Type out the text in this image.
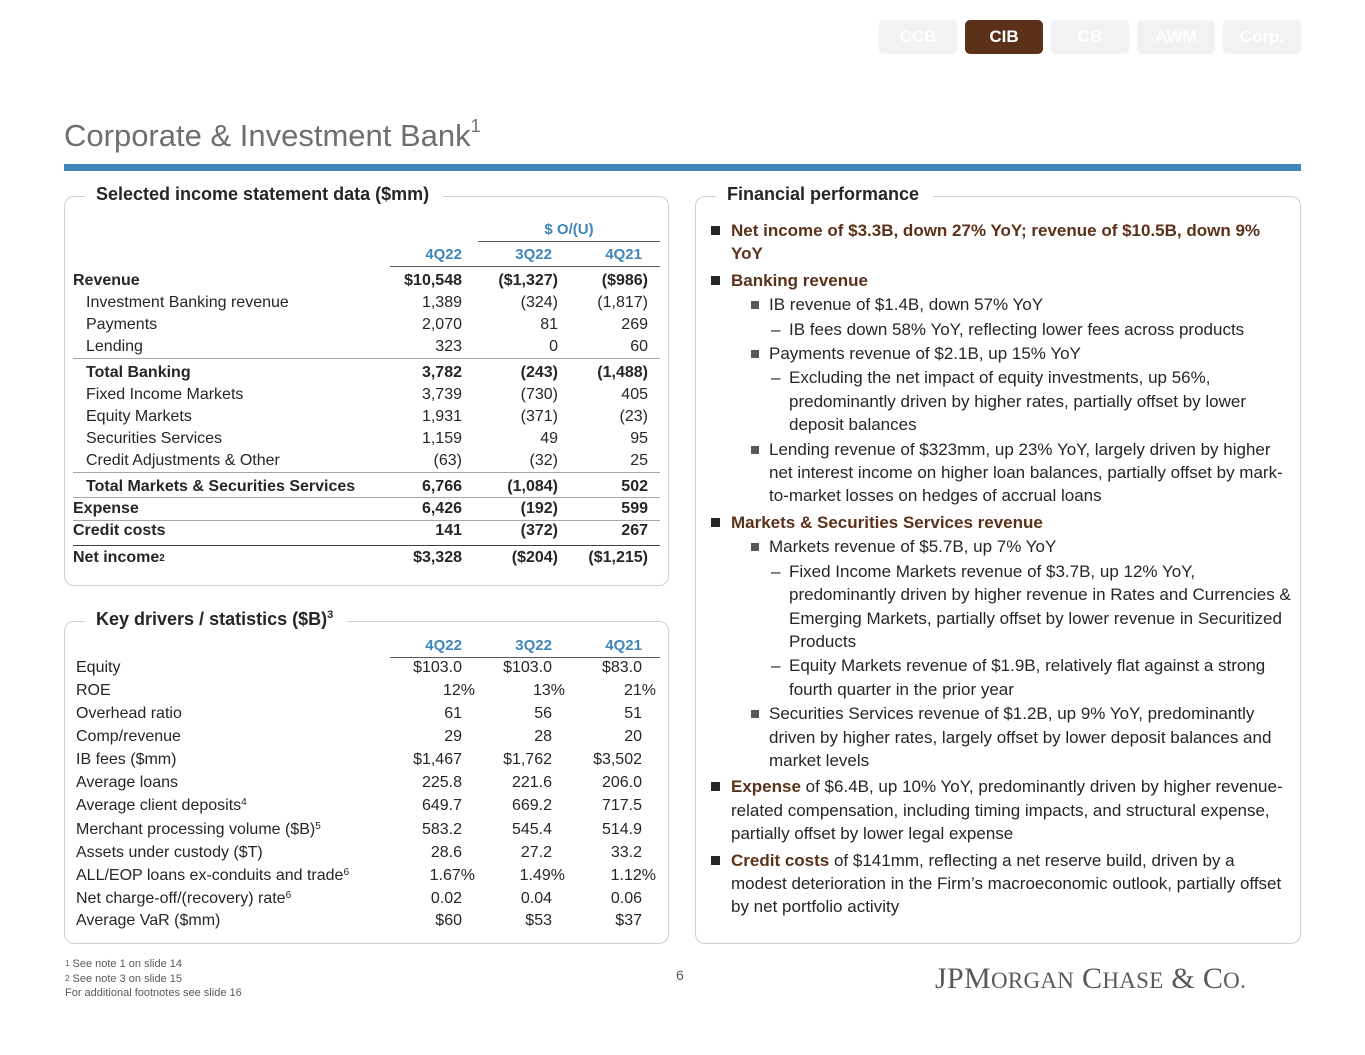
CCB	CIB	CB	AWM	Corp.
Corporate & Investment Bank$^1$
Selected income statement data ($mm)
$ O/(U)
4Q22	3Q22	4Q21
Revenue	$10,548	($1,327)	($986)
Investment Banking revenue	1,389	(324)	(1,817)
Payments	2,070	81	269
Lending	323	0	60
Total Banking	3,782	(243)	(1,488)
Fixed Income Markets	3,739	(730)	405
Equity Markets	1,931	(371)	(23)
Securities Services	1,159	49	95
Credit Adjustments & Other	(63)	(32)	25
Total Markets & Securities Services	6,766	(1,084)	502
Expense	6,426	(192)	599
Credit costs	141	(372)	267
Net income 2	$3,328	($204)	($1,215)
Key drivers / statistics ($B)$^3$
4Q22	3Q22	4Q21
Equity	$103.0	$103.0	$83.0
ROE	12%	13%	21%
Overhead ratio	61	56	51
Comp/revenue	29	28	20
IB fees ($mm)	$1,467	$1,762	$3,502
Average loans	225.8	221.6	206.0
Average client deposits$^4$	649.7	669.2	717.5
Merchant processing volume ($B)$^5$	583.2	545.4	514.9
Assets under custody ($T)	28.6	27.2	33.2
ALL/EOP loans ex-conduits and trade$^6$	1.67%	1.49%	1.12%
Net charge-off/(recovery) rate$^6$	0.02	0.04	0.06
Average VaR ($mm)	$60	$53	$37
Financial performance
Net income of $3.3B, down 27% YoY; revenue of $10.5B, down 9% YoY
Banking revenue
IB revenue of $1.4B, down 57% YoY
– IB fees down 58% YoY, reflecting lower fees across products
Payments revenue of $2.1B, up 15% YoY
– Excluding the net impact of equity investments, up 56%, predominantly driven by higher rates, partially offset by lower deposit balances
Lending revenue of $323mm, up 23% YoY, largely driven by higher net interest income on higher loan balances, partially offset by mark-to-market losses on hedges of accrual loans
Markets & Securities Services revenue
Markets revenue of $5.7B, up 7% YoY
– Fixed Income Markets revenue of $3.7B, up 12% YoY, predominantly driven by higher revenue in Rates and Currencies & Emerging Markets, partially offset by lower revenue in Securitized Products
– Equity Markets revenue of $1.9B, relatively flat against a strong fourth quarter in the prior year
Securities Services revenue of $1.2B, up 9% YoY, predominantly driven by higher rates, largely offset by lower deposit balances and market levels
Expense of $6.4B, up 10% YoY, predominantly driven by higher revenue-related compensation, including timing impacts, and structural expense, partially offset by lower legal expense
Credit costs of $141mm, reflecting a net reserve build, driven by a modest deterioration in the Firm’s macroeconomic outlook, partially offset by net portfolio activity
$^1$ See note 1 on slide 14
$^2$ See note 3 on slide 15
For additional footnotes see slide 16
6	JPMORGAN CHASE & CO.
